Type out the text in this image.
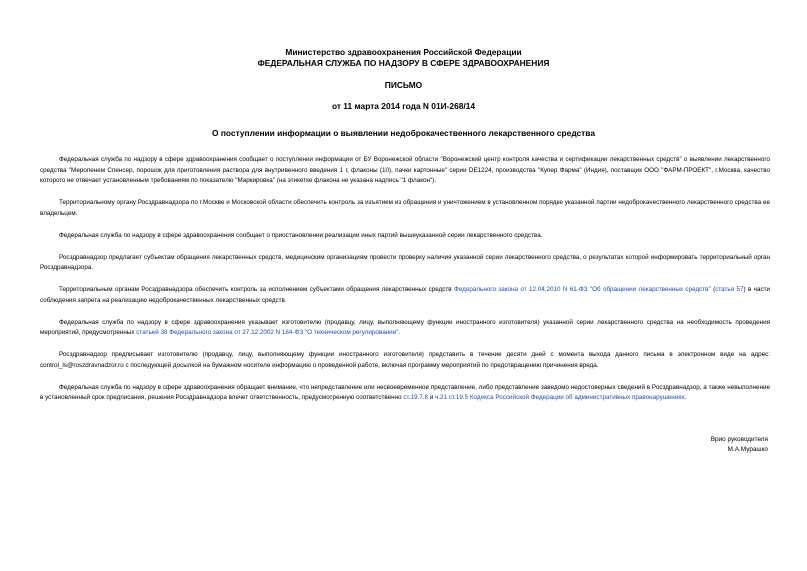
Министерство здравоохранения Российской Федерации
ФЕДЕРАЛЬНАЯ СЛУЖБА ПО НАДЗОРУ В СФЕРЕ ЗДРАВООХРАНЕНИЯ
ПИСЬМО
от 11 марта 2014 года N 01И-268/14
О поступлении информации о выявлении недоброкачественного лекарственного средства

Федеральная служба по надзору в сфере здравоохранения сообщает о поступлении информации от БУ Воронежской области "Воронежский центр контроля качества и сертификации лекарственных средств" о выявлении лекарственного средства "Меропенем Спенсер, порошок для приготовления раствора для внутривенного введения 1 г, флаконы (10), пачки картонные" серии DE1224, производства "Купер Фарма" (Индия), поставщик ООО "ФАРМ-ПРОЕКТ", г.Москва, качество которого не отвечает установленным требованиям по показателю "Маркировка" (на этикетке флакона не указана надпись "1 флакон").

Территориальному органу Росздравнадзора по г.Москве и Московской области обеспечить контроль за изъятием из обращения и уничтожением в установленном порядке указанной партии недоброкачественного лекарственного средства ее владельцем.

Федеральная служба по надзору в сфере здравоохранения сообщает о приостановлении реализации иных партий вышеуказанной серии лекарственного средства.

Росздравнадзор предлагает субъектам обращения лекарственных средств, медицинским организациям провести проверку наличия указанной серии лекарственного средства, о результатах которой информировать территориальный орган Росздравнадзора.

Территориальным органам Росздравнадзора обеспечить контроль за исполнением субъектами обращения лекарственных средств Федерального закона от 12.04.2010 N 61-ФЗ "Об обращении лекарственных средств" (статья 57) в части соблюдения запрета на реализацию недоброкачественных лекарственных средств.

Федеральная служба по надзору в сфере здравоохранения указывает изготовителю (продавцу, лицу, выполняющему функции иностранного изготовителя) указанной серии лекарственного средства на необходимость проведения мероприятий, предусмотренных статьей 38 Федерального закона от 27.12.2002 N 184-ФЗ "О техническом регулировании".

Росздравнадзор предписывает изготовителю (продавцу, лицу, выполняющему функции иностранного изготовителя) представить в течение десяти дней с момента выхода данного письма в электронном виде на адрес: control_ls@roszdravnadzor.ru с последующей досылкой на бумажном носителе информацию о проведенной работе, включая программу мероприятий по предотвращению причинения вреда.

Федеральная служба по надзору в сфере здравоохранения обращает внимание, что непредставление или несвоевременное представление, либо представление заведомо недостоверных сведений в Росздравнадзор, а также невыполнение в установленный срок предписания, решения Росздравнадзора влечет ответственность, предусмотренную соответственно ст.19.7.8 и ч.21 ст.19.5 Кодекса Российской Федерации об административных правонарушениях.

Врио руководителя
М.А.Мурашко
